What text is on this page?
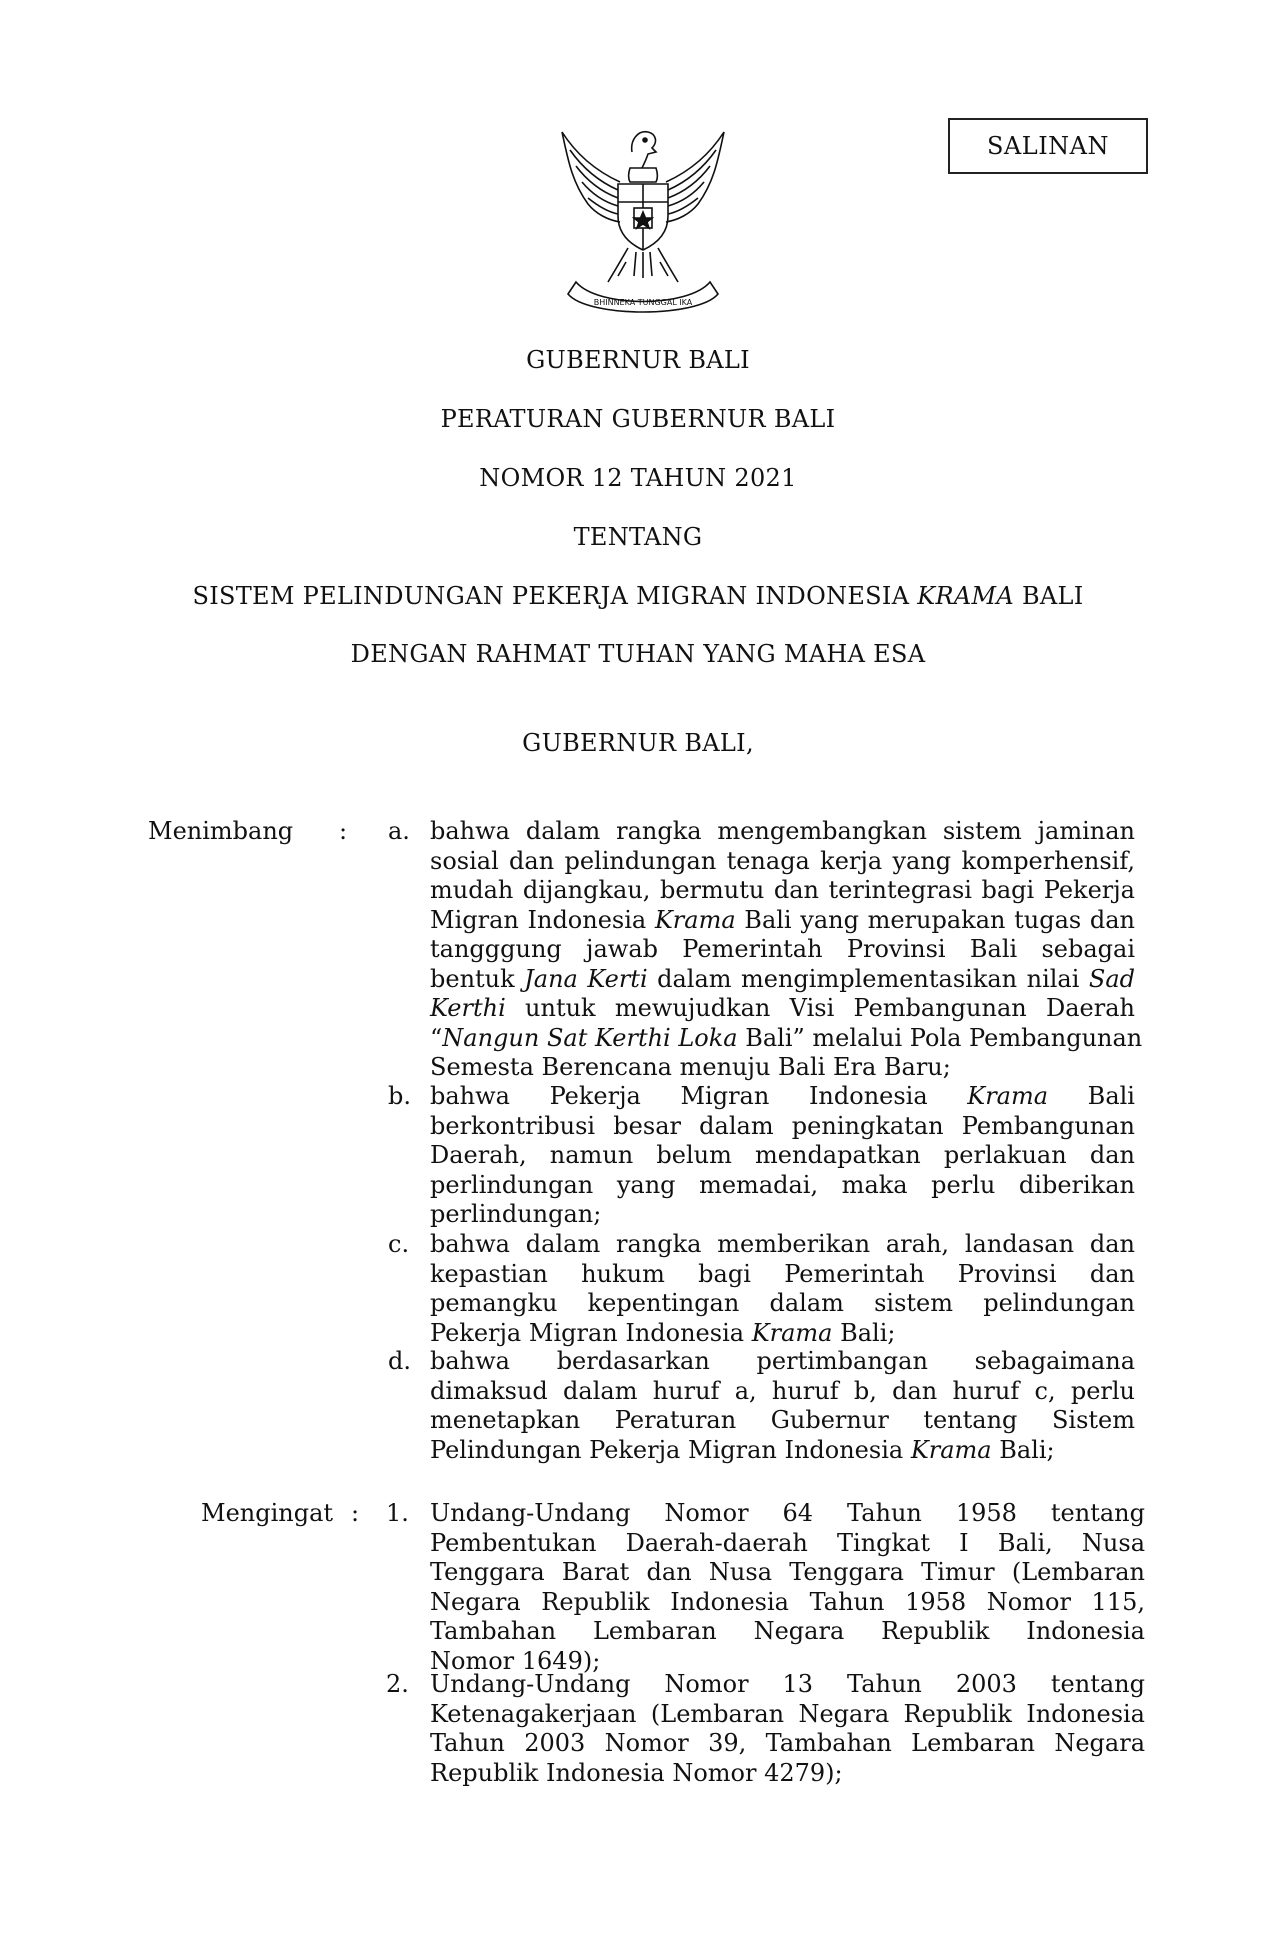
SALINAN
BHINNEKA TUNGGAL IKA
GUBERNUR BALI
PERATURAN GUBERNUR BALI
NOMOR 12 TAHUN 2021
TENTANG
SISTEM PELINDUNGAN PEKERJA MIGRAN INDONESIA KRAMA BALI
DENGAN RAHMAT TUHAN YANG MAHA ESA
GUBERNUR BALI,
Menimbang : a. bahwa dalam rangka mengembangkan sistem jaminan
sosial dan pelindungan tenaga kerja yang komperhensif,
mudah dijangkau, bermutu dan terintegrasi bagi Pekerja
Migran Indonesia Krama Bali yang merupakan tugas dan
tangggung jawab Pemerintah Provinsi Bali sebagai
bentuk Jana Kerti dalam mengimplementasikan nilai Sad
Kerthi untuk mewujudkan Visi Pembangunan Daerah
“Nangun Sat Kerthi Loka Bali” melalui Pola Pembangunan
Semesta Berencana menuju Bali Era Baru;
b. bahwa Pekerja Migran Indonesia Krama Bali
berkontribusi besar dalam peningkatan Pembangunan
Daerah, namun belum mendapatkan perlakuan dan
perlindungan yang memadai, maka perlu diberikan
perlindungan;
c. bahwa dalam rangka memberikan arah, landasan dan
kepastian hukum bagi Pemerintah Provinsi dan
pemangku kepentingan dalam sistem pelindungan
Pekerja Migran Indonesia Krama Bali;
d. bahwa berdasarkan pertimbangan sebagaimana
dimaksud dalam huruf a, huruf b, dan huruf c, perlu
menetapkan Peraturan Gubernur tentang Sistem
Pelindungan Pekerja Migran Indonesia Krama Bali;
Mengingat : 1. Undang-Undang Nomor 64 Tahun 1958 tentang
Pembentukan Daerah-daerah Tingkat I Bali, Nusa
Tenggara Barat dan Nusa Tenggara Timur (Lembaran
Negara Republik Indonesia Tahun 1958 Nomor 115,
Tambahan Lembaran Negara Republik Indonesia
Nomor 1649);
2. Undang-Undang Nomor 13 Tahun 2003 tentang
Ketenagakerjaan (Lembaran Negara Republik Indonesia
Tahun 2003 Nomor 39, Tambahan Lembaran Negara
Republik Indonesia Nomor 4279);
